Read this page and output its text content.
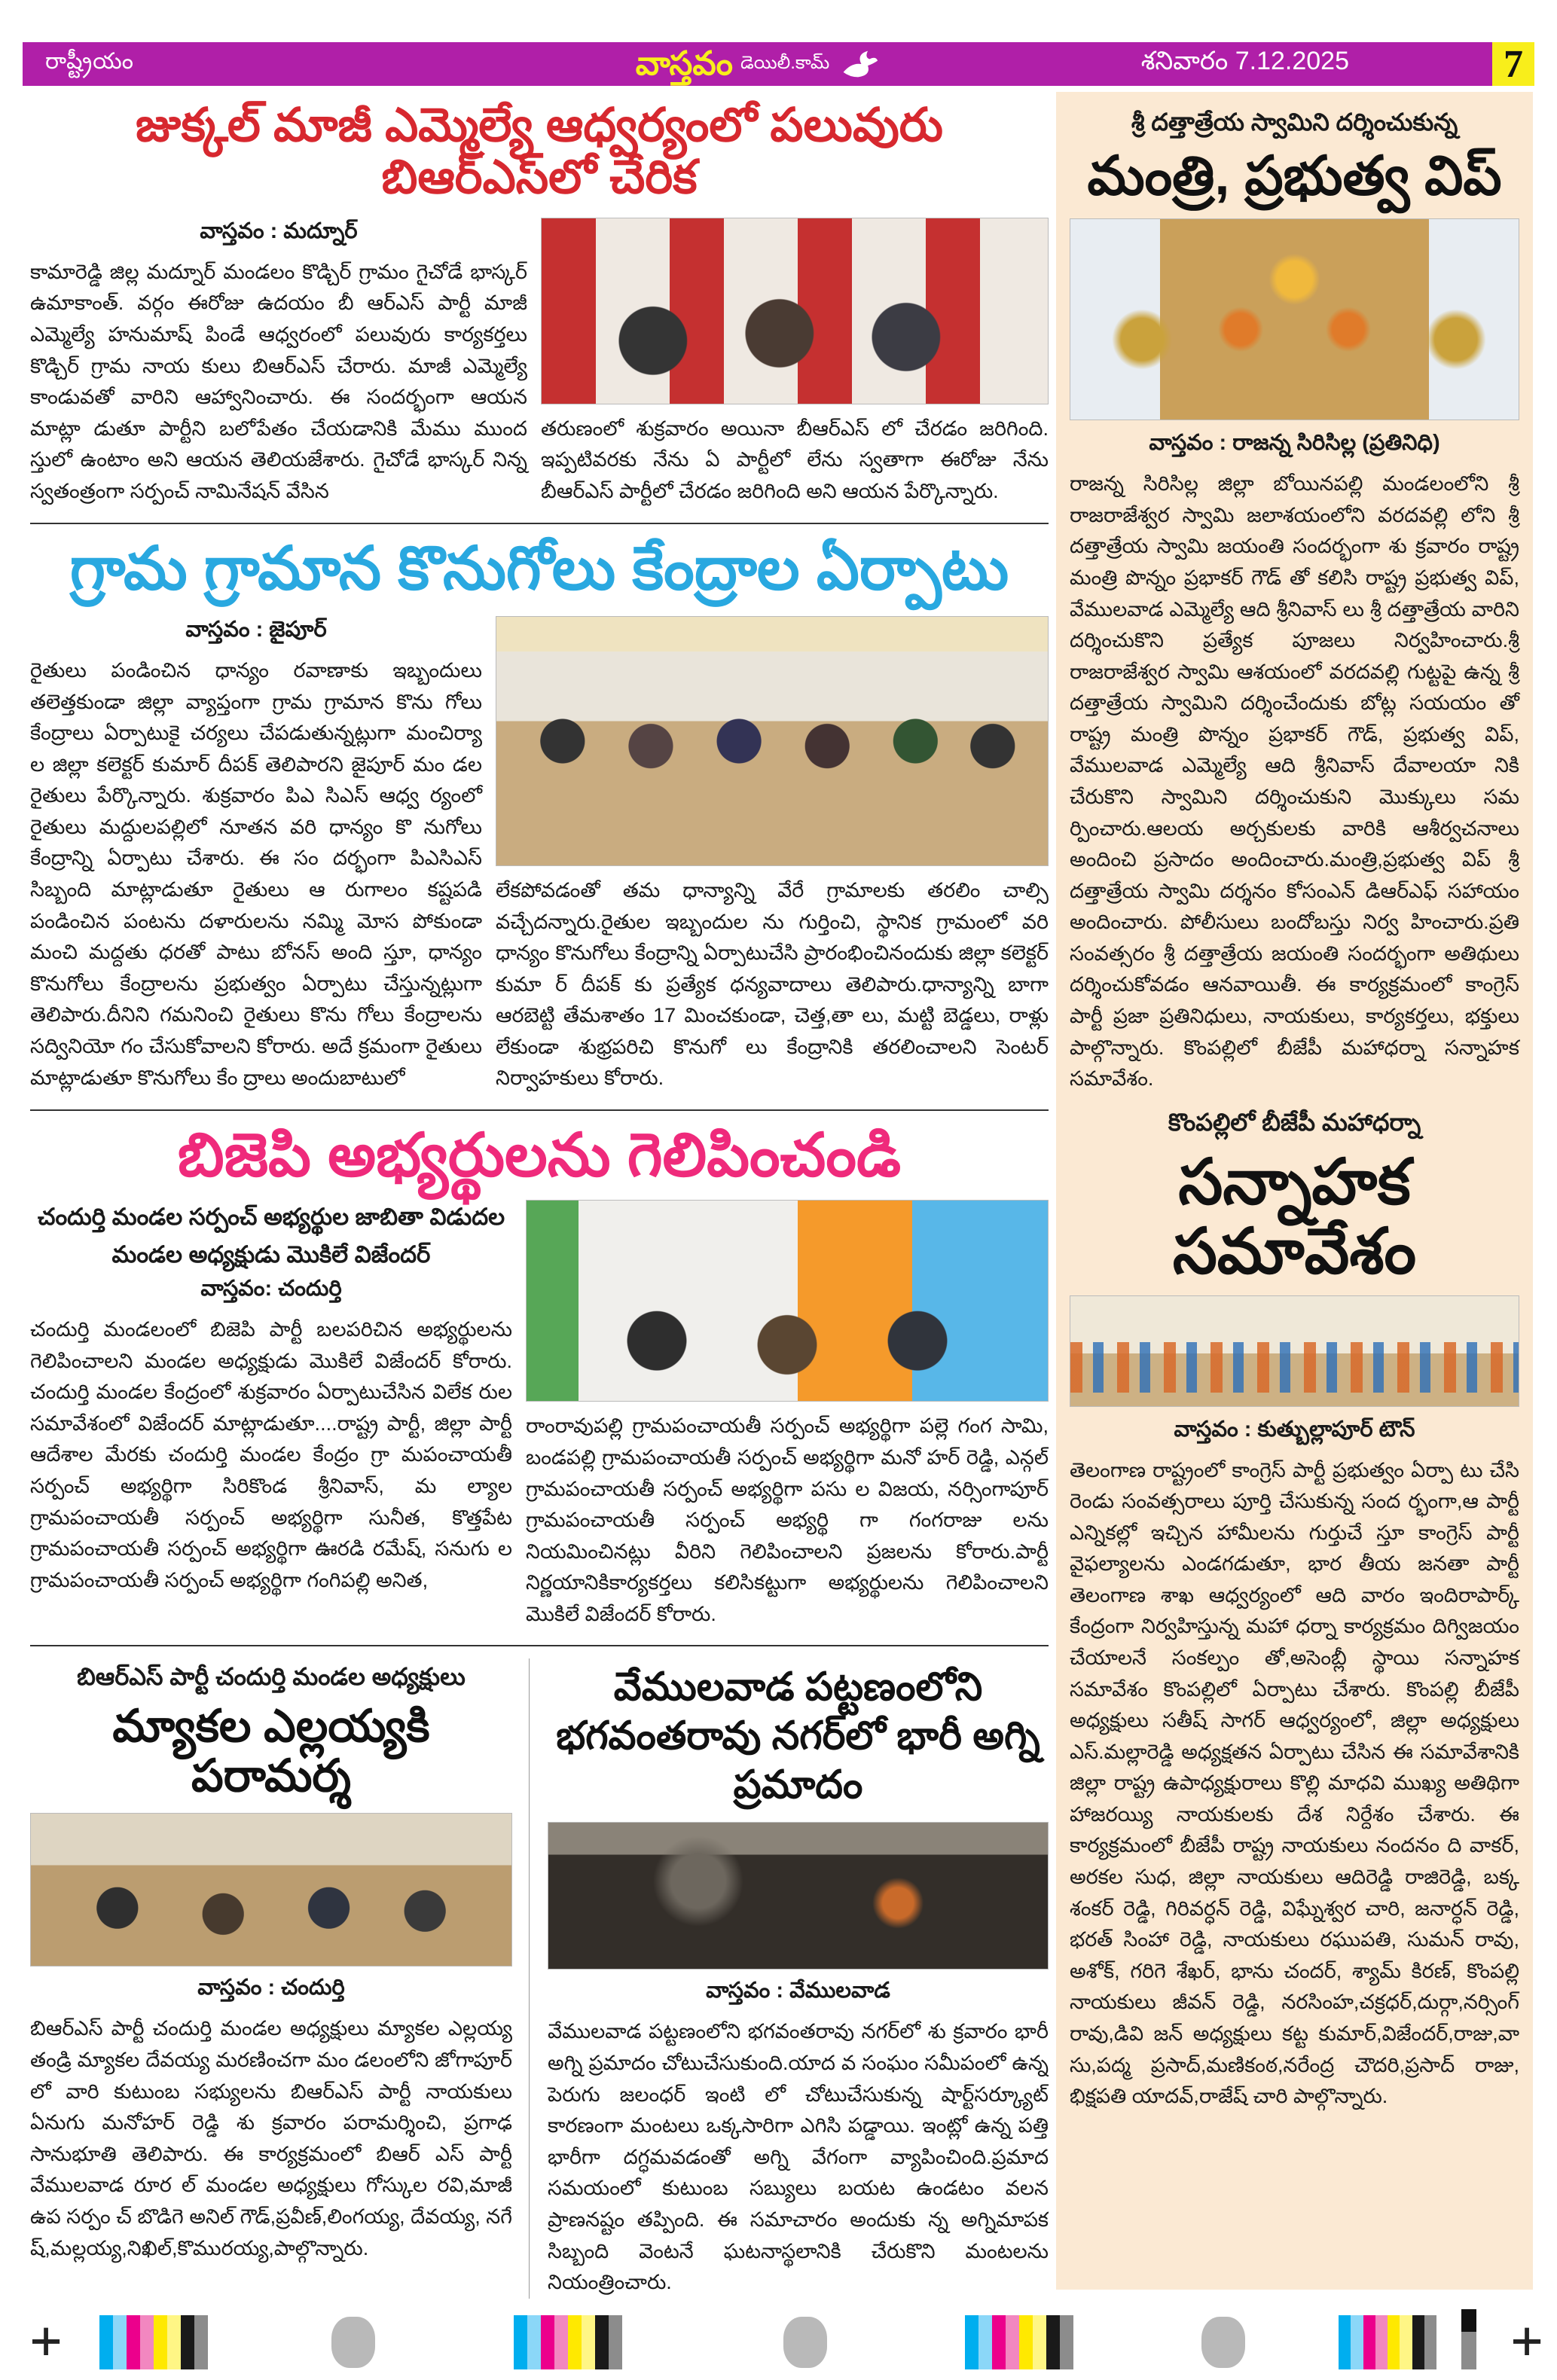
రాష్ట్రీయం	వాస్తవం డెయిలీ.కామ్	శనివారం 7.12.2025	7
జుక్కల్ మాజీ ఎమ్మెల్యే ఆధ్వర్యంలో పలువురు బిఆర్ఎస్‌లో చేరిక
వాస్తవం : మద్నూర్
కామారెడ్డి జిల్ల మద్నూర్ మండలం కొడ్చిర్ గ్రామం గైచోడే భాస్కర్ ఉమాకాంత్. వర్గం ఈరోజు ఉదయం బీ ఆర్ఎస్ పార్టీ మాజీ ఎమ్మెల్యే హనుమాష్ పిండే ఆధ్వరంలో పలువురు కార్యకర్తలు కొడ్చిర్ గ్రామ నాయ కులు బిఆర్ఎస్ చేరారు. మాజీ ఎమ్మెల్యే కాండువతో వారిని ఆహ్వానించారు. ఈ సందర్భంగా ఆయన మాట్లా డుతూ పార్టీని బలోపేతం చేయడానికి మేము ముంద స్తులో ఉంటాం అని ఆయన తెలియజేశారు. గైచోడే భాస్కర్ నిన్న స్వతంత్రంగా సర్పంచ్ నామినేషన్ వేసిన
తరుణంలో శుక్రవారం అయినా బీఆర్ఎస్ లో చేరడం జరిగింది. ఇప్పటివరకు నేను ఏ పార్టీలో లేను స్వతాగా ఈరోజు నేను బీఆర్ఎస్ పార్టీలో చేరడం జరిగింది అని ఆయన పేర్కొన్నారు.
గ్రామ గ్రామాన కొనుగోలు కేంద్రాల ఏర్పాటు
వాస్తవం : జైపూర్
రైతులు పండించిన ధాన్యం రవాణాకు ఇబ్బందులు తలెత్తకుండా జిల్లా వ్యాప్తంగా గ్రామ గ్రామాన కొను గోలు కేంద్రాలు ఏర్పాటుకై చర్యలు చేపడుతున్నట్లుగా మంచిర్యా ల జిల్లా కలెక్టర్ కుమార్ దీపక్ తెలిపారని జైపూర్ మం డల రైతులు పేర్కొన్నారు. శుక్రవారం పిఎ సిఎస్ ఆధ్వ ర్యంలో రైతులు మద్దులపల్లిలో నూతన వరి ధాన్యం కొ నుగోలు కేంద్రాన్ని ఏర్పాటు చేశారు. ఈ సం దర్భంగా పిఎసిఎస్ సిబ్బంది మాట్లాడుతూ రైతులు ఆ రుగాలం కష్టపడి పండించిన పంటను దళారులను నమ్మి మోస పోకుండా మంచి మద్దతు ధరతో పాటు బోనస్ అంది స్తూ, ధాన్యం కొనుగోలు కేంద్రాలను ప్రభుత్వం ఏర్పాటు చేస్తున్నట్లుగా తెలిపారు.దీనిని గమనించి రైతులు కొను గోలు కేంద్రాలను సద్వినియో గం చేసుకోవాలని కోరారు. అదే క్రమంగా రైతులు మాట్లాడుతూ కొనుగోలు కేం ద్రాలు అందుబాటులో
లేకపోవడంతో తమ ధాన్యాన్ని వేరే గ్రామాలకు తరలిం చాల్సి వచ్చేదన్నారు.రైతుల ఇబ్బందుల ను గుర్తించి, స్థానిక గ్రామంలో వరి ధాన్యం కొనుగోలు కేంద్రాన్ని ఏర్పాటుచేసి ప్రారంభించినందుకు జిల్లా కలెక్టర్ కుమా ర్ దీపక్ కు ప్రత్యేక ధన్యవాదాలు తెలిపారు.ధాన్యాన్ని బాగా ఆరబెట్టి తేమశాతం 17 మించకుండా, చెత్త,తా లు, మట్టి బెడ్డలు, రాళ్లు లేకుండా శుభ్రపరిచి కొనుగో లు కేంద్రానికి తరలించాలని సెంటర్ నిర్వాహకులు కోరారు.
బిజెపి అభ్యర్థులను గెలిపించండి
చందుర్తి మండల సర్పంచ్ అభ్యర్థుల జాబితా విడుదల
మండల అధ్యక్షుడు మొకిలే విజేందర్
వాస్తవం: చందుర్తి
చందుర్తి మండలంలో బిజెపి పార్టీ బలపరిచిన అభ్యర్థులను గెలిపించాలని మండల అధ్యక్షుడు మొకిలే విజేందర్ కోరారు. చందుర్తి మండల కేంద్రంలో శుక్రవారం ఏర్పాటుచేసిన విలేక రుల సమావేశంలో విజేందర్ మాట్లాడుతూ....రాష్ట్ర పార్టీ, జిల్లా పార్టీ ఆదేశాల మేరకు చందుర్తి మండల కేంద్రం గ్రా మపంచాయతీ సర్పంచ్ అభ్యర్థిగా సిరికొండ శ్రీనివాస్, మ ల్యాల గ్రామపంచాయతీ సర్పంచ్ అభ్యర్థిగా సునీత, కొత్తపేట గ్రామపంచాయతీ సర్పంచ్ అభ్యర్థిగా ఊరడి రమేష్, సనుగు ల గ్రామపంచాయతీ సర్పంచ్ అభ్యర్థిగా గంగిపల్లి అనిత,
రాంరావుపల్లి గ్రామపంచాయతీ సర్పంచ్ అభ్యర్థిగా పల్లె గంగ సామి, బండపల్లి గ్రామపంచాయతీ సర్పంచ్ అభ్యర్థిగా మనో హర్ రెడ్డి, ఎన్గల్ గ్రామపంచాయతీ సర్పంచ్ అభ్యర్థిగా పసు ల విజయ, నర్సింగాపూర్ గ్రామపంచాయతీ సర్పంచ్ అభ్యర్థి గా గంగరాజు లను నియమించినట్లు వీరిని గెలిపించాలని ప్రజలను కోరారు.పార్టీ నిర్ణయానికికార్యకర్తలు కలిసికట్టుగా అభ్యర్థులను గెలిపించాలని మొకిలే విజేందర్ కోరారు.
బిఆర్ఎస్ పార్టీ చందుర్తి మండల అధ్యక్షులు
మ్యాకల ఎల్లయ్యకి పరామర్శ
వాస్తవం : చందుర్తి
బిఆర్ఎస్ పార్టీ చందుర్తి మండల అధ్యక్షులు మ్యాకల ఎల్లయ్య తండ్రి మ్యాకల దేవయ్య మరణించగా మం డలంలోని జోగాపూర్ లో వారి కుటుంబ సభ్యులను బిఆర్ఎస్ పార్టీ నాయకులు ఏనుగు మనోహర్ రెడ్డి శు క్రవారం పరామర్శించి, ప్రగాఢ సానుభూతి తెలిపారు. ఈ కార్యక్రమంలో బిఆర్ ఎస్ పార్టీ వేములవాడ రూర ల్ మండల అధ్యక్షులు గోస్కుల రవి,మాజీ ఉప సర్పం చ్ బొడిగె అనిల్ గౌడ్,ప్రవీణ్,లింగయ్య, దేవయ్య, నగే ష్,మల్లయ్య,నిఖిల్,కొమురయ్య,పాల్గొన్నారు.
వేములవాడ పట్టణంలోని
భగవంతరావు నగర్‌లో భారీ అగ్ని ప్రమాదం
వాస్తవం : వేములవాడ
వేములవాడ పట్టణంలోని భగవంతరావు నగర్‌లో శు క్రవారం భారీ అగ్ని ప్రమాదం చోటుచేసుకుంది.యాద వ సంఘం సమీపంలో ఉన్న పెరుగు జలంధర్ ఇంటి లో చోటుచేసుకున్న షార్ట్‌సర్క్యూట్ కారణంగా మంటలు ఒక్కసారిగా ఎగిసి పడ్డాయి. ఇంట్లో ఉన్న పత్తి భారీగా దగ్ధమవడంతో అగ్ని వేగంగా వ్యాపించింది.ప్రమాద సమయంలో కుటుంబ సబ్యులు బయట ఉండటం వలన ప్రాణనష్టం తప్పింది. ఈ సమాచారం అందుకు న్న అగ్నిమాపక సిబ్బంది వెంటనే ఘటనాస్థలానికి చేరుకొని మంటలను నియంత్రించారు.
శ్రీ దత్తాత్రేయ స్వామిని దర్శించుకున్న
మంత్రి, ప్రభుత్వ విప్
వాస్తవం : రాజన్న సిరిసిల్ల (ప్రతినిధి)
రాజన్న సిరిసిల్ల జిల్లా బోయినపల్లి మండలంలోని శ్రీ రాజరాజేశ్వర స్వామి జలాశయంలోని వరదవల్లి లోని శ్రీ దత్తాత్రేయ స్వామి జయంతి సందర్భంగా శు క్రవారం రాష్ట్ర మంత్రి పొన్నం ప్రభాకర్ గౌడ్ తో కలిసి రాష్ట్ర ప్రభుత్వ విప్, వేములవాడ ఎమ్మెల్యే ఆది శ్రీనివాస్ లు శ్రీ దత్తాత్రేయ వారిని దర్శించుకొని ప్రత్యేక పూజలు నిర్వహించారు.శ్రీ రాజరాజేశ్వర స్వామి ఆశయంలో వరదవల్లి గుట్టపై ఉన్న శ్రీ దత్తాత్రేయ స్వామిని దర్శించేందుకు బోట్ల సయయం తో రాష్ట్ర మంత్రి పొన్నం ప్రభాకర్ గౌడ్, ప్రభుత్వ విప్, వేములవాడ ఎమ్మెల్యే ఆది శ్రీనివాస్ దేవాలయా నికి చేరుకొని స్వామిని దర్శించుకుని మొక్కులు సమ ర్పించారు.ఆలయ అర్చకులకు వారికి ఆశీర్వచనాలు అందించి ప్రసాదం అందించారు.మంత్రి,ప్రభుత్వ విప్ శ్రీ దత్తాత్రేయ స్వామి దర్శనం కోసంఎన్ డిఆర్ఎఫ్ సహాయం అందించారు. పోలీసులు బందోబస్తు నిర్వ హించారు.ప్రతి సంవత్సరం శ్రీ దత్తాత్రేయ జయంతి సందర్భంగా అతిథులు దర్శించుకోవడం ఆనవాయితీ. ఈ కార్యక్రమంలో కాంగ్రెస్ పార్టీ ప్రజా ప్రతినిధులు, నాయకులు, కార్యకర్తలు, భక్తులు పాల్గొన్నారు. కొంపల్లిలో బీజేపీ మహాధర్నా సన్నాహక సమావేశం.
కొంపల్లిలో బీజేపీ మహాధర్నా
సన్నాహక సమావేశం
వాస్తవం : కుత్బుల్లాపూర్ టౌన్
తెలంగాణ రాష్ట్రంలో కాంగ్రెస్ పార్టీ ప్రభుత్వం ఏర్పా టు చేసి రెండు సంవత్సరాలు పూర్తి చేసుకున్న సంద ర్భంగా,ఆ పార్టీ ఎన్నికల్లో ఇచ్చిన హామీలను గుర్తుచే స్తూ కాంగ్రెస్ పార్టీ వైఫల్యాలను ఎండగడుతూ, భార తీయ జనతా పార్టీ తెలంగాణ శాఖ ఆధ్వర్యంలో ఆది వారం ఇందిరాపార్క్ కేంద్రంగా నిర్వహిస్తున్న మహా ధర్నా కార్యక్రమం దిగ్విజయం చేయాలనే సంకల్పం తో,అసెంబ్లీ స్థాయి సన్నాహక సమావేశం కొంపల్లిలో ఏర్పాటు చేశారు. కొంపల్లి బీజేపీ అధ్యక్షులు సతీష్ సాగర్ ఆధ్వర్యంలో, జిల్లా అధ్యక్షులు ఎస్.మల్లారెడ్డి అధ్యక్షతన ఏర్పాటు చేసిన ఈ సమావేశానికి జిల్లా రాష్ట్ర ఉపాధ్యక్షురాలు కొల్లి మాధవి ముఖ్య అతిథిగా హాజరయ్యి నాయకులకు దేశ నిర్దేశం చేశారు. ఈ కార్యక్రమంలో బీజేపీ రాష్ట్ర నాయకులు నందనం ది వాకర్, అరకల సుధ, జిల్లా నాయకులు ఆదిరెడ్డి రాజిరెడ్డి, బక్క శంకర్ రెడ్డి, గిరివర్ధన్ రెడ్డి, విఘ్నేశ్వర చారి, జనార్ధన్ రెడ్డి, భరత్ సింహా రెడ్డి, నాయకులు రఘుపతి, సుమన్ రావు, అశోక్, గరిగె శేఖర్, భాను చందర్, శ్యామ్ కిరణ్, కొంపల్లి నాయకులు జీవన్ రెడ్డి, నరసింహ,చక్రధర్,దుర్గా,నర్సింగ్ రావు,డివి జన్ అధ్యక్షులు కట్ట కుమార్,విజేందర్,రాజు,వా సు,పద్మ ప్రసాద్,మణికంఠ,నరేంద్ర చౌదరి,ప్రసాద్ రాజు, భిక్షపతి యాదవ్,రాజేష్ చారి పాల్గొన్నారు.
+	+
